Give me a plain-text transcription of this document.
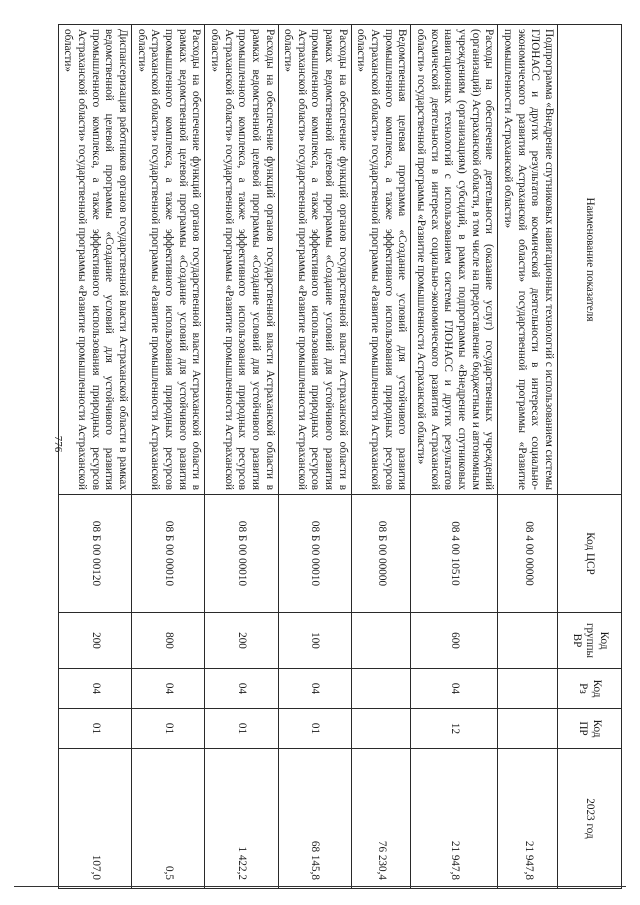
776
Наименование показателя	Код ЦСР	Код группы ВР	Код Рз	Код ПР	2023 год
Подпрограмма «Внедрение спутниковых навигационных технологий с использованием системы ГЛОНАСС и других результатов космической деятельности в интересах социально-экономического развития Астраханской области» государственной программы «Развитие промышленности Астраханской области»	08 4 00 00000				21 947,8
Расходы на обеспечение деятельности (оказание услуг) государственных учреждений (организаций) Астраханской области, в том числе на предоставление бюджетным и автономным учреждениям (организациям) субсидий, в рамках подпрограммы «Внедрение спутниковых навигационных технологий с использованием системы ГЛОНАСС и других результатов космической деятельности в интересах социально-экономического развития Астраханской области» государственной программы «Развитие промышленности Астраханской области»	08 4 00 10510	600	04	12	21 947,8
Ведомственная целевая программа «Создание условий для устойчивого развития промышленного комплекса, а также эффективного использования природных ресурсов Астраханской области» государственной программы «Развитие промышленности Астраханской области»	08 Б 00 00000				76 230,4
Расходы на обеспечение функций органов государственной власти Астраханской области в рамках ведомственной целевой программы «Создание условий для устойчивого развития промышленного комплекса, а также эффективного использования природных ресурсов Астраханской области» государственной программы «Развитие промышленности Астраханской области»	08 Б 00 00010	100	04	01	68 145,8
Расходы на обеспечение функций органов государственной власти Астраханской области в рамках ведомственной целевой программы «Создание условий для устойчивого развития промышленного комплекса, а также эффективного использования природных ресурсов Астраханской области» государственной программы «Развитие промышленности Астраханской области»	08 Б 00 00010	200	04	01	1 422,2
Расходы на обеспечение функций органов государственной власти Астраханской области в рамках ведомственной целевой программы «Создание условий для устойчивого развития промышленного комплекса, а также эффективного использования природных ресурсов Астраханской области» государственной программы «Развитие промышленности Астраханской области»	08 Б 00 00010	800	04	01	0,5
Диспансеризация работников органов государственной власти Астраханской области в рамках ведомственной целевой программы «Создание условий для устойчивого развития промышленного комплекса, а также эффективного использования природных ресурсов Астраханской области» государственной программы «Развитие промышленности Астраханской области»	08 Б 00 00120	200	04	01	107,0
